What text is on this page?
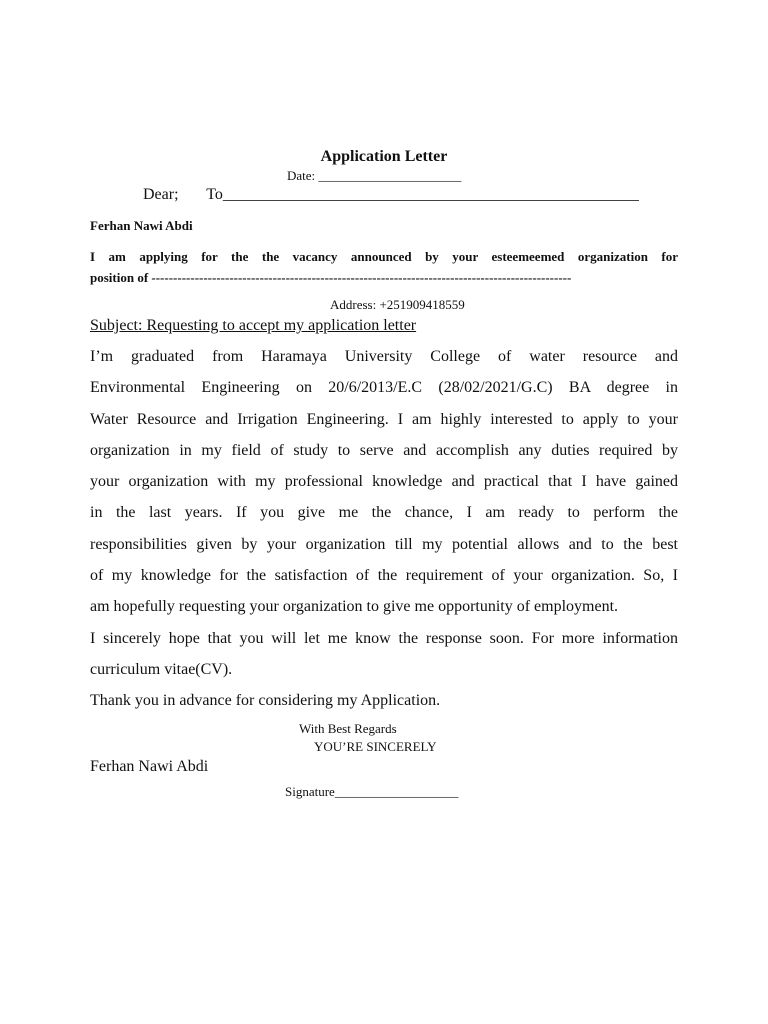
Application Letter
Date: ______________________
Dear;       To____________________________________________________
Ferhan Nawi Abdi
I am applying for the the vacancy announced by your esteemeemed organization for
position of -------------------------------------------------------------------------------------------------
Address: +251909418559
Subject: Requesting to accept my application letter
I’m graduated from Haramaya University College of water resource and
Environmental Engineering on 20/6/2013/E.C (28/02/2021/G.C) BA degree in
Water Resource and Irrigation Engineering. I am highly interested to apply to your
organization in my field of study to serve and accomplish any duties required by
your organization with my professional knowledge and practical that I have gained
in the last years. If you give me the chance, I am ready to perform the
responsibilities given by your organization till my potential allows and to the best
of my knowledge for the satisfaction of the requirement of your organization. So, I
am hopefully requesting your organization to give me opportunity of employment.
I sincerely hope that you will let me know the response soon. For more information
curriculum vitae(CV).
Thank you in advance for considering my Application.
With Best Regards
YOU’RE SINCERELY
Ferhan Nawi Abdi
Signature___________________
